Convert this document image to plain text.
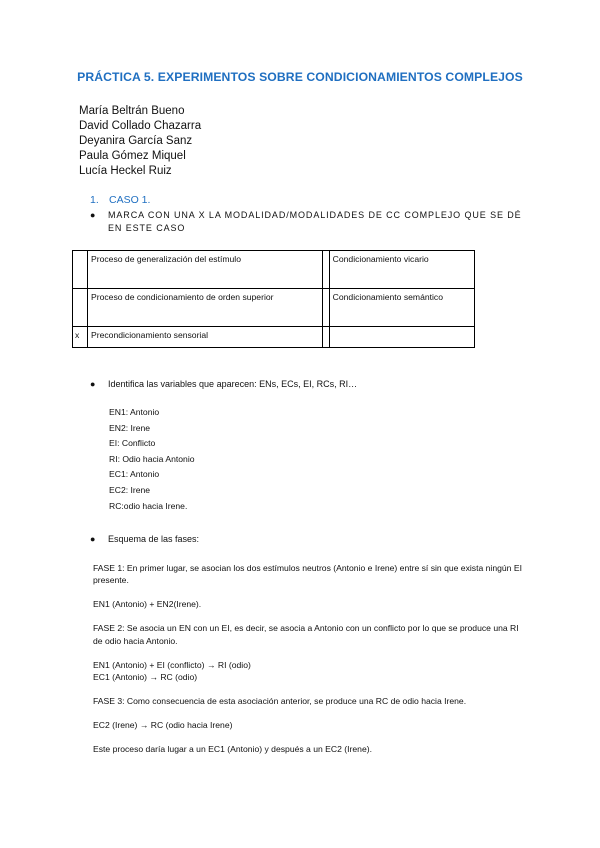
PRÁCTICA 5. EXPERIMENTOS SOBRE CONDICIONAMIENTOS COMPLEJOS
María Beltrán Bueno
David Collado Chazarra
Deyanira García Sanz
Paula Gómez Miquel
Lucía Heckel Ruiz
1. CASO 1.
● MARCA CON UNA X LA MODALIDAD/MODALIDADES DE CC COMPLEJO QUE SE DÉ EN ESTE CASO
	Proceso de generalización del estímulo		Condicionamiento vicario
	Proceso de condicionamiento de orden superior		Condicionamiento semántico
x	Precondicionamiento sensorial		
● Identifica las variables que aparecen: ENs, ECs, EI, RCs, RI…
EN1: Antonio
EN2: Irene
EI: Conflicto
RI: Odio hacia Antonio
EC1: Antonio
EC2: Irene
RC:odio hacia Irene.
● Esquema de las fases:

FASE 1: En primer lugar, se asocian los dos estímulos neutros (Antonio e Irene) entre sí sin que exista ningún EI presente.

EN1 (Antonio) + EN2(Irene).

FASE 2: Se asocia un EN con un EI, es decir, se asocia a Antonio con un conflicto por lo que se produce una RI de odio hacia Antonio.

EN1 (Antonio) + EI (conflicto) → RI (odio)
EC1 (Antonio) → RC (odio)

FASE 3: Como consecuencia de esta asociación anterior, se produce una RC de odio hacia Irene.

EC2 (Irene) → RC (odio hacia Irene)

Este proceso daría lugar a un EC1 (Antonio) y después a un EC2 (Irene).
